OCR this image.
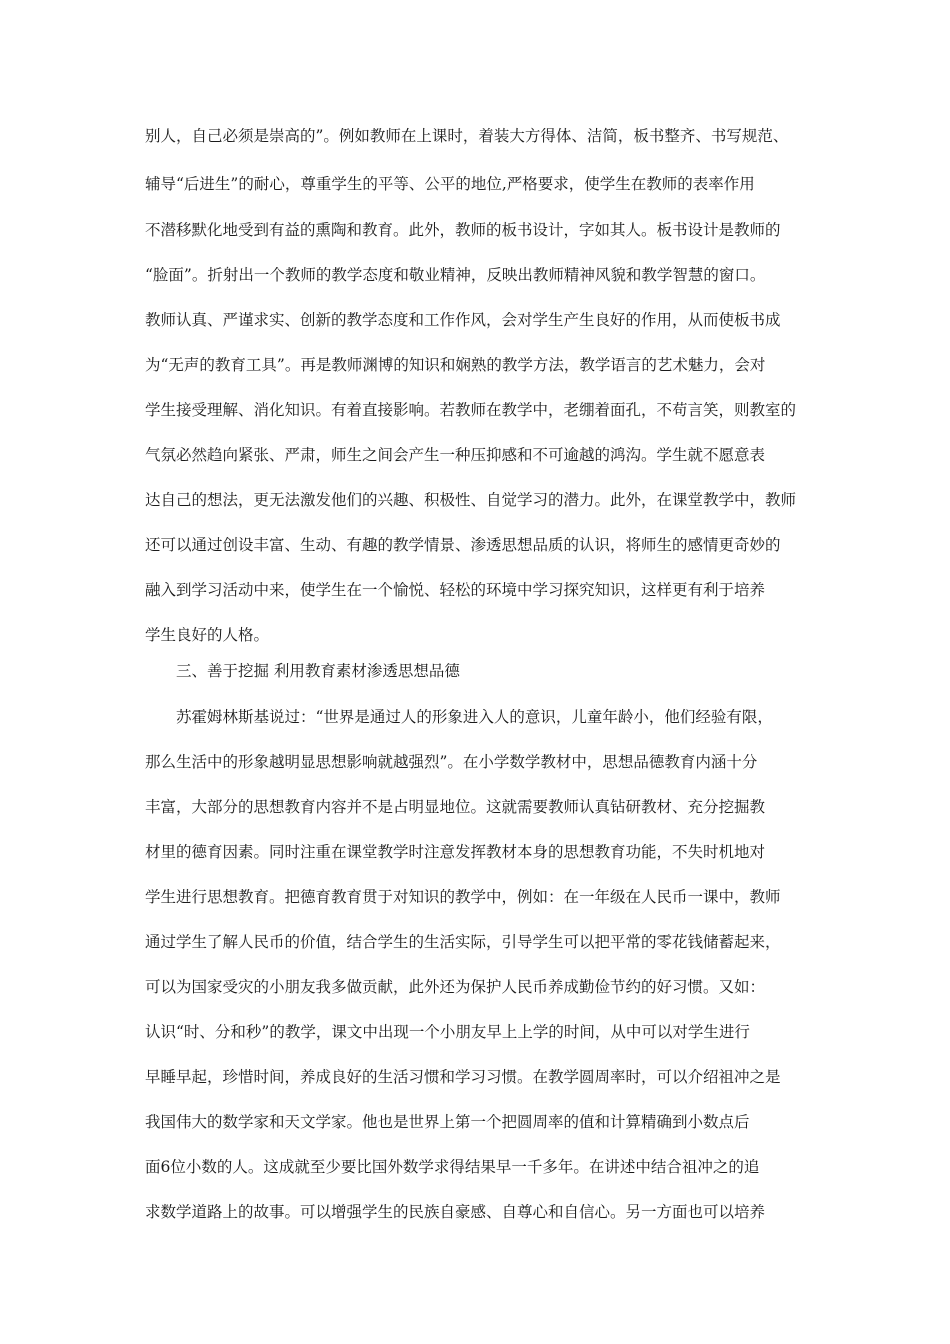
别人，自己必须是崇高的”。例如教师在上课时，着装大方得体、洁简，板书整齐、书写规范、
辅导“后进生”的耐心，尊重学生的平等、公平的地位,严格要求，使学生在教师的表率作用
不潜移默化地受到有益的熏陶和教育。此外，教师的板书设计，字如其人。板书设计是教师的
“脸面”。折射出一个教师的教学态度和敬业精神，反映出教师精神风貌和教学智慧的窗口。
教师认真、严谨求实、创新的教学态度和工作作风，会对学生产生良好的作用，从而使板书成
为“无声的教育工具”。再是教师渊博的知识和娴熟的教学方法，教学语言的艺术魅力，会对
学生接受理解、消化知识。有着直接影响。若教师在教学中，老绷着面孔，不苟言笑，则教室的
气氛必然趋向紧张、严肃，师生之间会产生一种压抑感和不可逾越的鸿沟。学生就不愿意表
达自己的想法，更无法激发他们的兴趣、积极性、自觉学习的潜力。此外，在课堂教学中，教师
还可以通过创设丰富、生动、有趣的教学情景、渗透思想品质的认识，将师生的感情更奇妙的
融入到学习活动中来，使学生在一个愉悦、轻松的环境中学习探究知识，这样更有利于培养
学生良好的人格。
三、善于挖掘 利用教育素材渗透思想品德
苏霍姆林斯基说过：“世界是通过人的形象进入人的意识，儿童年龄小，他们经验有限，
那么生活中的形象越明显思想影响就越强烈”。在小学数学教材中，思想品德教育内涵十分
丰富，大部分的思想教育内容并不是占明显地位。这就需要教师认真钻研教材、充分挖掘教
材里的德育因素。同时注重在课堂教学时注意发挥教材本身的思想教育功能，不失时机地对
学生进行思想教育。把德育教育贯于对知识的教学中，例如：在一年级在人民币一课中，教师
通过学生了解人民币的价值，结合学生的生活实际，引导学生可以把平常的零花钱储蓄起来，
可以为国家受灾的小朋友我多做贡献，此外还为保护人民币养成勤俭节约的好习惯。又如：
认识“时、分和秒”的教学，课文中出现一个小朋友早上上学的时间，从中可以对学生进行
早睡早起，珍惜时间，养成良好的生活习惯和学习习惯。在教学圆周率时，可以介绍祖冲之是
我国伟大的数学家和天文学家。他也是世界上第一个把圆周率的值和计算精确到小数点后
面6位小数的人。这成就至少要比国外数学求得结果早一千多年。在讲述中结合祖冲之的追
求数学道路上的故事。可以增强学生的民族自豪感、自尊心和自信心。另一方面也可以培养
